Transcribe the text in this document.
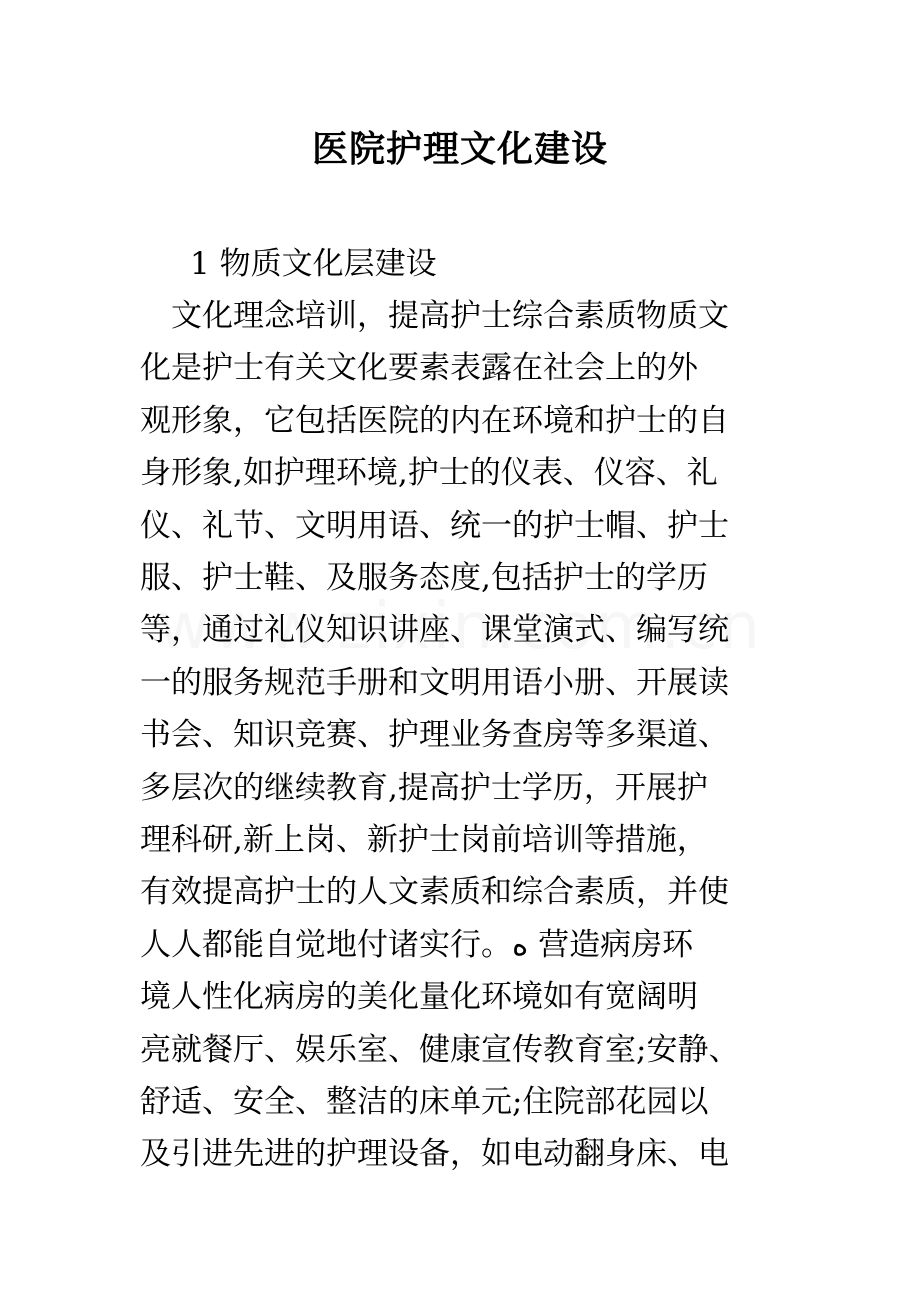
医院护理文化建设
1 物质文化层建设
　文化理念培训，提高护士综合素质物质文
化是护士有关文化要素表露在社会上的外
观形象，它包括医院的内在环境和护士的自
身形象,如护理环境,护士的仪表、仪容、礼
仪、礼节、文明用语、统一的护士帽、护士
服、护士鞋、及服务态度,包括护士的学历
等，通过礼仪知识讲座、课堂演式、编写统
一的服务规范手册和文明用语小册、开展读
书会、知识竞赛、护理业务查房等多渠道、
多层次的继续教育,提高护士学历，开展护
理科研,新上岗、新护士岗前培训等措施，
有效提高护士的人文素质和综合素质，并使
人人都能自觉地付诸实行。ﻩ 营造病房环
境人性化病房的美化量化环境如有宽阔明
亮就餐厅、娱乐室、健康宣传教育室;安静、
舒适、安全、整洁的床单元;住院部花园以
及引进先进的护理设备，如电动翻身床、电
